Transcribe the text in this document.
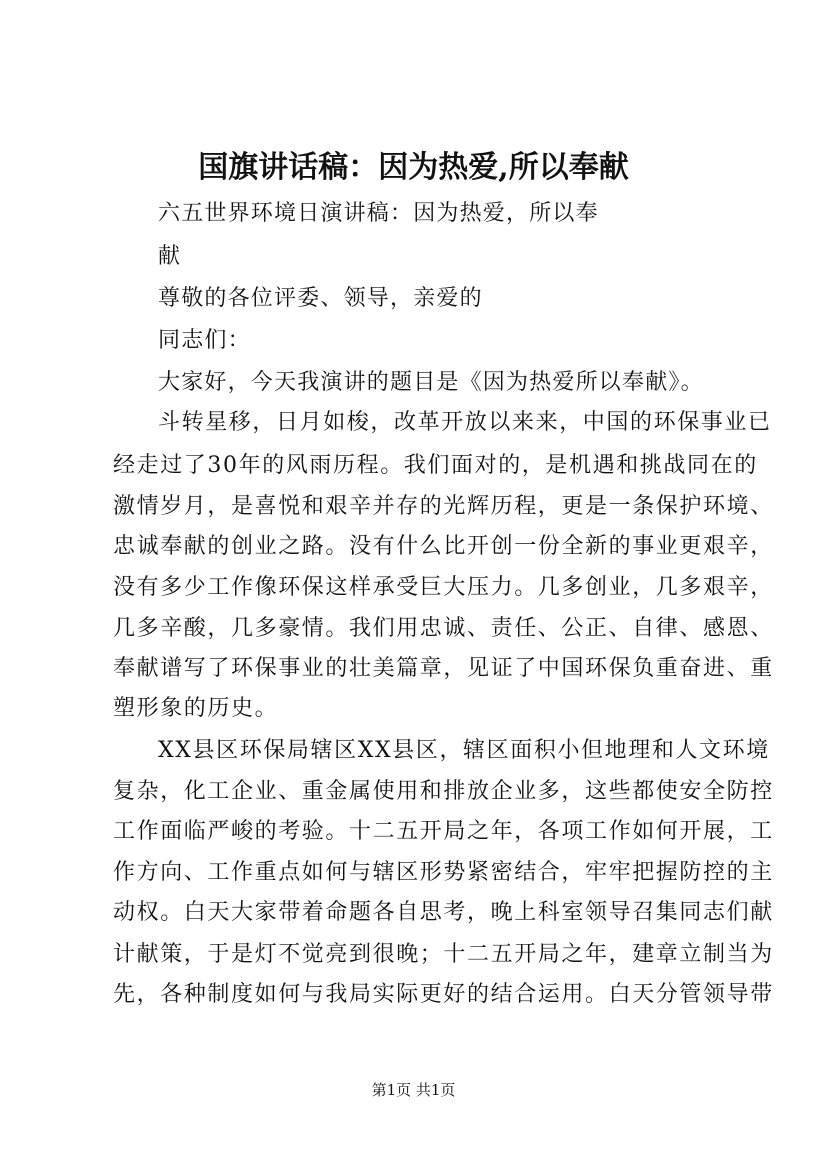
国旗讲话稿：因为热爱,所以奉献
六五世界环境日演讲稿：因为热爱，所以奉
献
尊敬的各位评委、领导，亲爱的
同志们：
大家好，今天我演讲的题目是《因为热爱所以奉献》。
斗转星移，日月如梭，改革开放以来来，中国的环保事业已
经走过了30年的风雨历程。我们面对的，是机遇和挑战同在的
激情岁月，是喜悦和艰辛并存的光辉历程，更是一条保护环境、
忠诚奉献的创业之路。没有什么比开创一份全新的事业更艰辛，
没有多少工作像环保这样承受巨大压力。几多创业，几多艰辛，
几多辛酸，几多豪情。我们用忠诚、责任、公正、自律、感恩、
奉献谱写了环保事业的壮美篇章，见证了中国环保负重奋进、重
塑形象的历史。
XX县区环保局辖区XX县区，辖区面积小但地理和人文环境
复杂，化工企业、重金属使用和排放企业多，这些都使安全防控
工作面临严峻的考验。十二五开局之年，各项工作如何开展，工
作方向、工作重点如何与辖区形势紧密结合，牢牢把握防控的主
动权。白天大家带着命题各自思考，晚上科室领导召集同志们献
计献策，于是灯不觉亮到很晚；十二五开局之年，建章立制当为
先，各种制度如何与我局实际更好的结合运用。白天分管领导带
第1页 共1页
